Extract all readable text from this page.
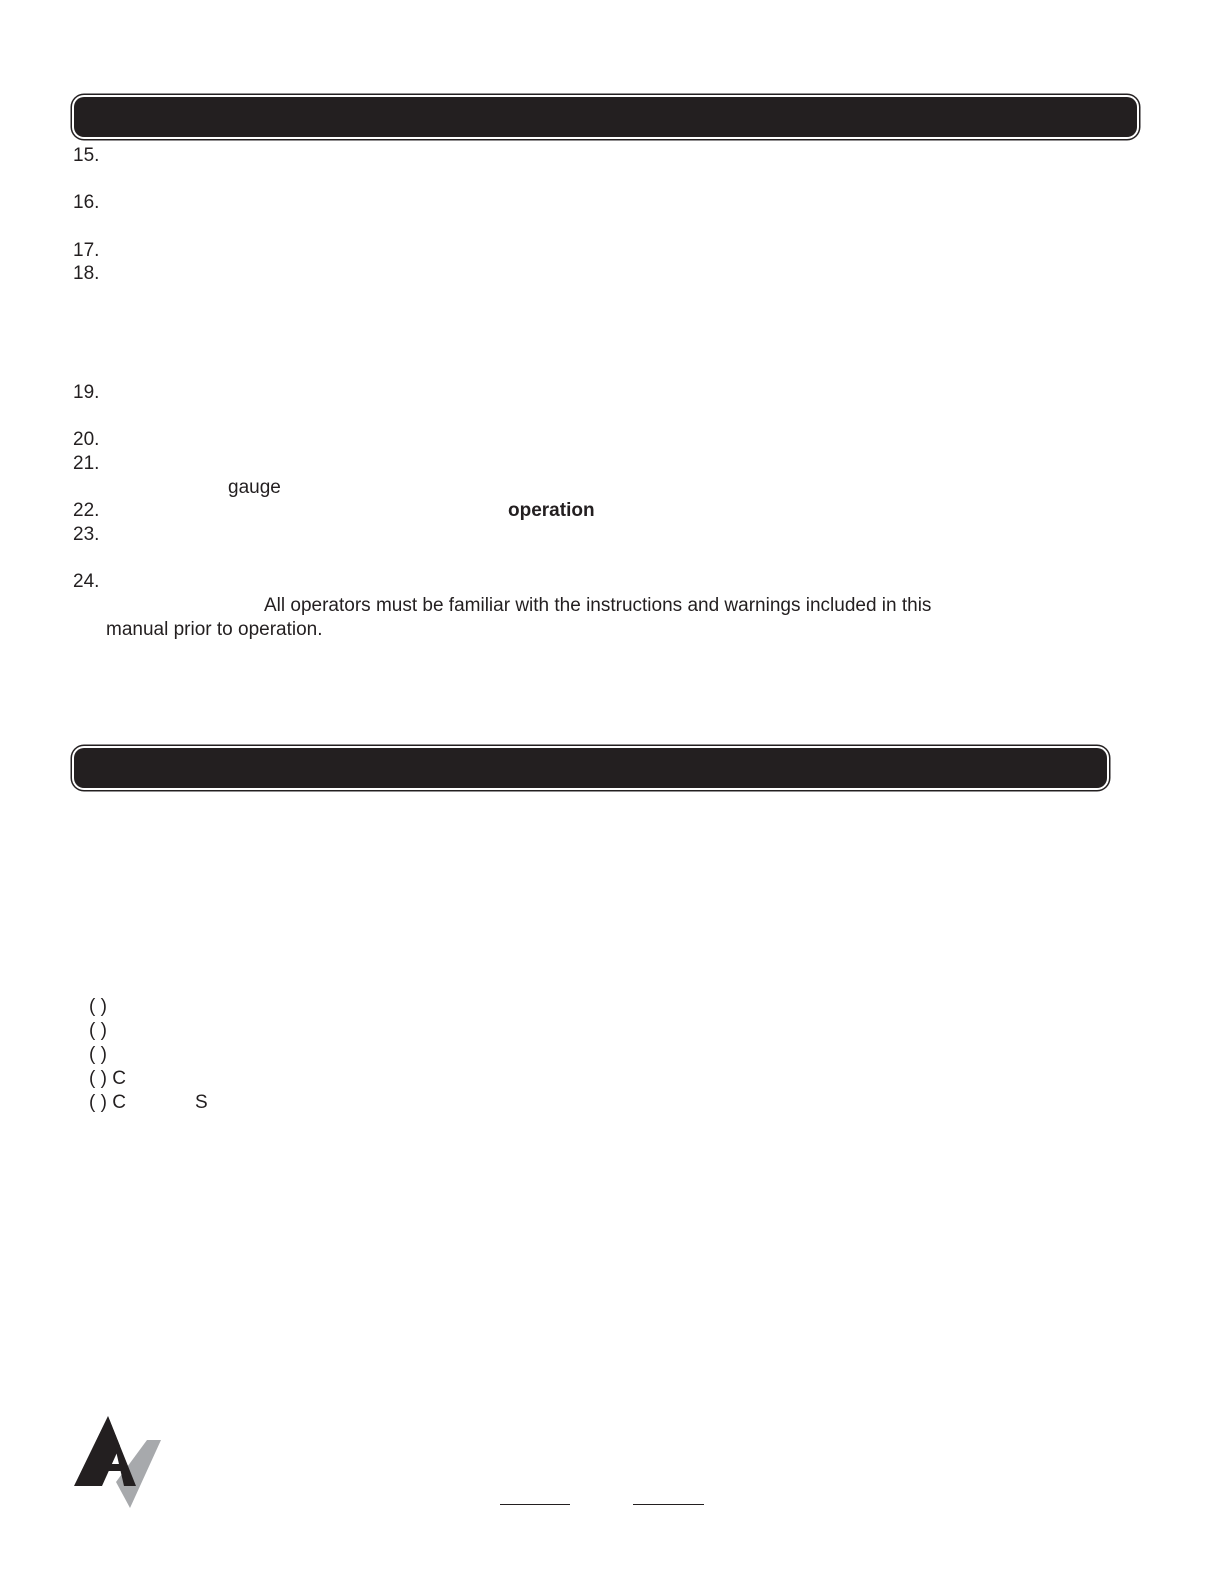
15.
16.
17.
18.
19.
20.
21.
gauge
22.	operation
23.
24.
All operators must be familiar with the instructions and warnings included in this
manual prior to operation.
( )
( )
( )
( ) C
( ) C	S
